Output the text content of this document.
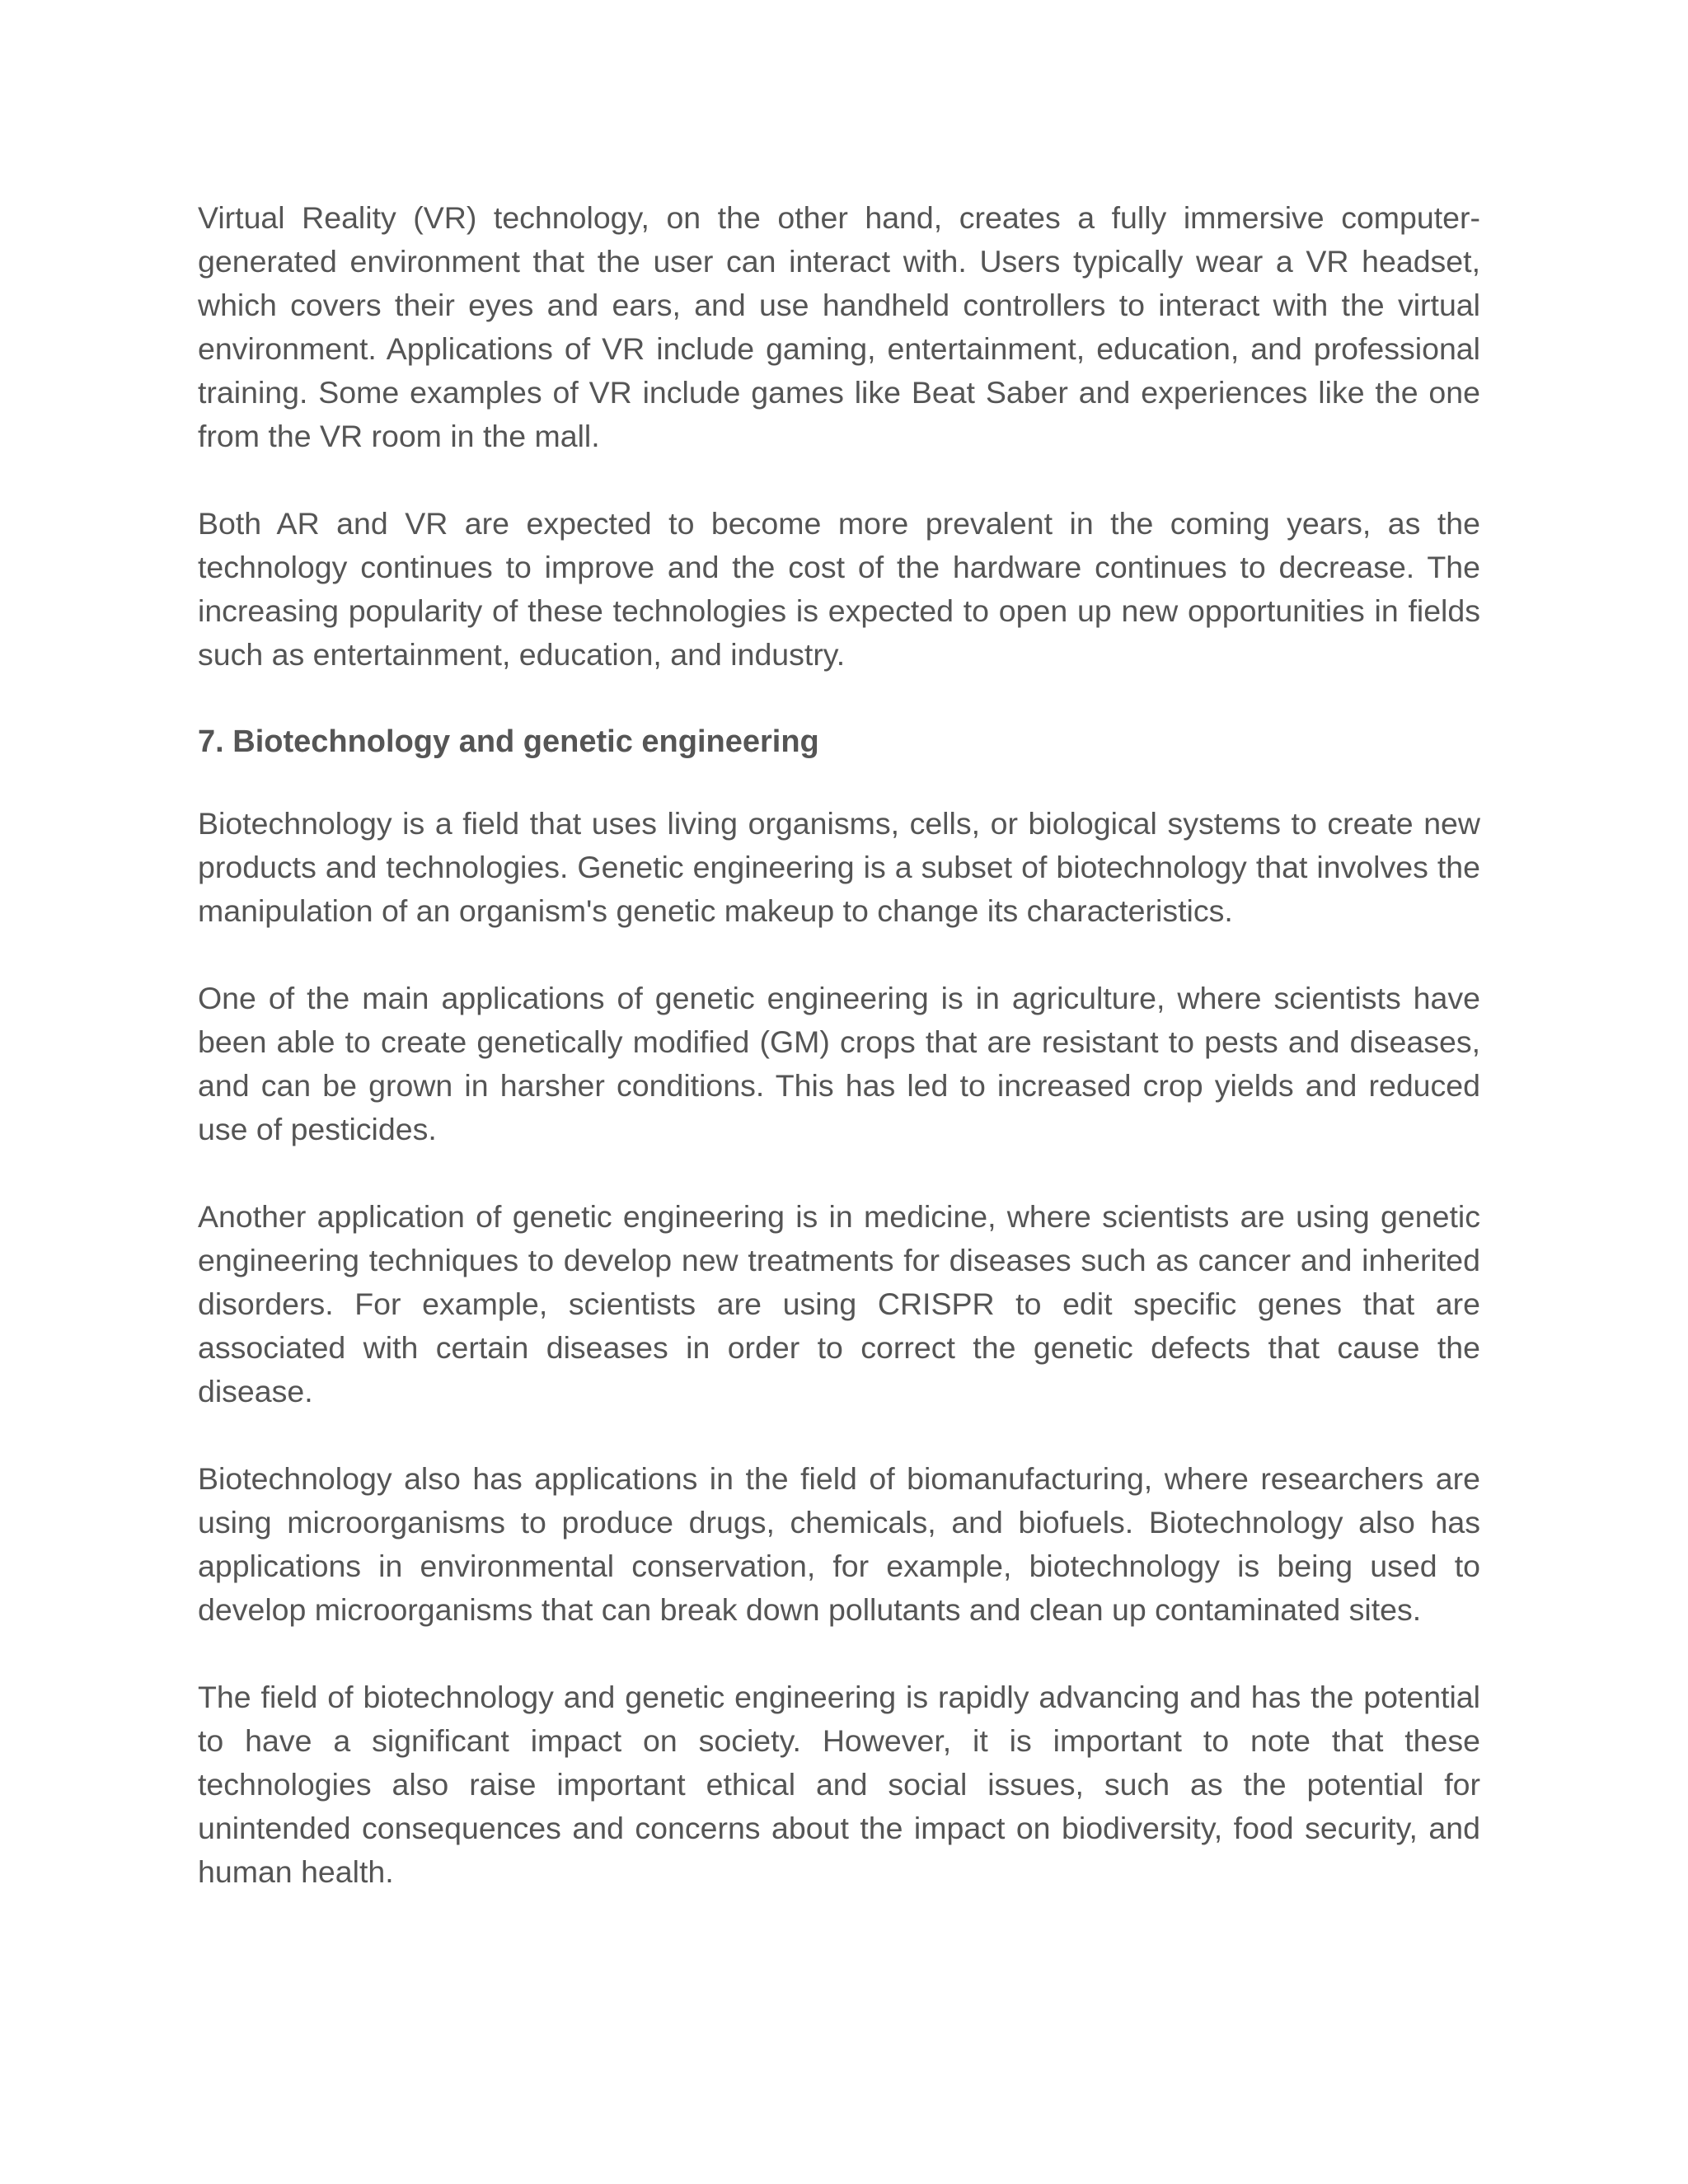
Virtual Reality (VR) technology, on the other hand, creates a fully immersive computer-generated environment that the user can interact with. Users typically wear a VR headset, which covers their eyes and ears, and use handheld controllers to interact with the virtual environment. Applications of VR include gaming, entertainment, education, and professional training. Some examples of VR include games like Beat Saber and experiences like the one from the VR room in the mall.

Both AR and VR are expected to become more prevalent in the coming years, as the technology continues to improve and the cost of the hardware continues to decrease. The increasing popularity of these technologies is expected to open up new opportunities in fields such as entertainment, education, and industry.

7. Biotechnology and genetic engineering

Biotechnology is a field that uses living organisms, cells, or biological systems to create new products and technologies. Genetic engineering is a subset of biotechnology that involves the manipulation of an organism's genetic makeup to change its characteristics.

One of the main applications of genetic engineering is in agriculture, where scientists have been able to create genetically modified (GM) crops that are resistant to pests and diseases, and can be grown in harsher conditions. This has led to increased crop yields and reduced use of pesticides.

Another application of genetic engineering is in medicine, where scientists are using genetic engineering techniques to develop new treatments for diseases such as cancer and inherited disorders. For example, scientists are using CRISPR to edit specific genes that are associated with certain diseases in order to correct the genetic defects that cause the disease.

Biotechnology also has applications in the field of biomanufacturing, where researchers are using microorganisms to produce drugs, chemicals, and biofuels. Biotechnology also has applications in environmental conservation, for example, biotechnology is being used to develop microorganisms that can break down pollutants and clean up contaminated sites.

The field of biotechnology and genetic engineering is rapidly advancing and has the potential to have a significant impact on society. However, it is important to note that these technologies also raise important ethical and social issues, such as the potential for unintended consequences and concerns about the impact on biodiversity, food security, and human health.
